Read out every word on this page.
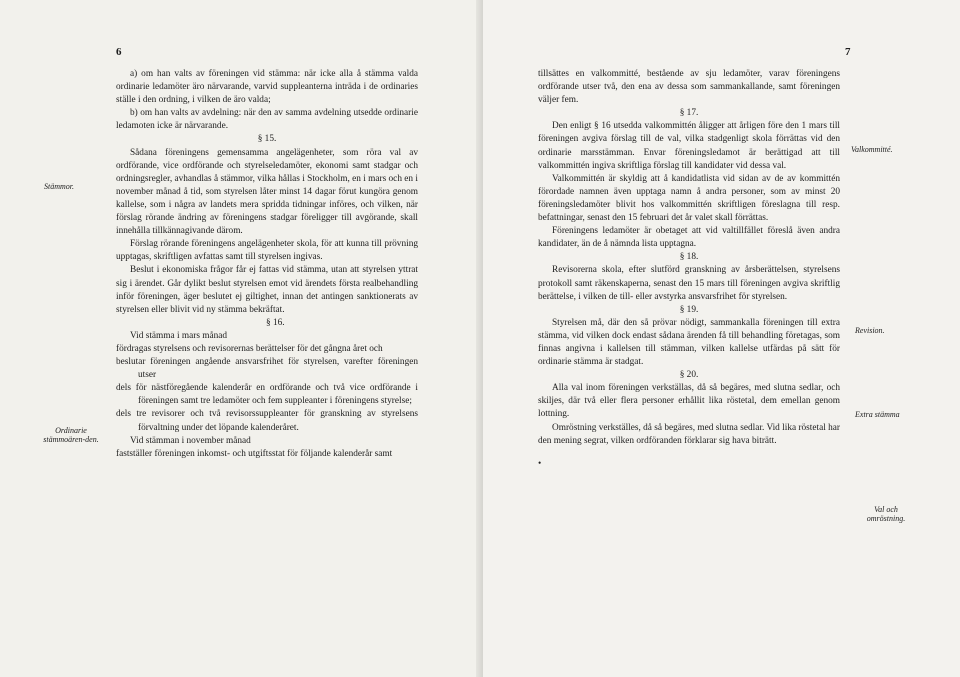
6

a) om han valts av föreningen vid stämma: när icke alla å stämma valda ordinarie ledamöter äro närvarande, varvid suppleanterna inträda i de ordinaries ställe i den ordning, i vilken de äro valda;

b) om han valts av avdelning: när den av samma avdelning utsedde ordinarie ledamoten icke är närvarande.

§ 15.

Sådana föreningens gemensamma angelägenheter, som röra val av ordförande, vice ordförande och styrelseledamöter, ekonomi samt stadgar och ordningsregler, avhandlas å stämmor, vilka hållas i Stockholm, en i mars och en i november månad å tid, som styrelsen låter minst 14 dagar förut kungöra genom kallelse, som i några av landets mera spridda tidningar införes, och vilken, när förslag rörande ändring av föreningens stadgar föreligger till avgörande, skall innehålla tillkännagivande därom.

Förslag rörande föreningens angelägenheter skola, för att kunna till prövning upptagas, skriftligen avfattas samt till styrelsen ingivas.

Beslut i ekonomiska frågor får ej fattas vid stämma, utan att styrelsen yttrat sig i ärendet. Går dylikt beslut styrelsen emot vid ärendets första realbehandling inför föreningen, äger beslutet ej giltighet, innan det antingen sanktionerats av styrelsen eller blivit vid ny stämma bekräftat.

§ 16.

Vid stämma i mars månad

fördragas styrelsens och revisorernas berättelser för det gångna året och

beslutar föreningen angående ansvarsfrihet för styrelsen, varefter föreningen utser

dels för nästföregående kalenderår en ordförande och två vice ordförande i föreningen samt tre ledamöter och fem suppleanter i föreningens styrelse;

dels tre revisorer och två revisorssuppleanter för granskning av styrelsens förvaltning under det löpande kalenderåret.

Vid stämman i november månad

fastställer föreningen inkomst- och utgiftsstat för följande kalenderår samt

Stämmor.
Ordinarie stämmoären-den.
7

tillsättes en valkommitté, bestående av sju ledamöter, varav föreningens ordförande utser två, den ena av dessa som sammankallande, samt föreningen väljer fem.

§ 17.

Den enligt § 16 utsedda valkommittén åligger att årligen före den 1 mars till föreningen avgiva förslag till de val, vilka stadgenligt skola förrättas vid den ordinarie marsstämman. Envar föreningsledamot är berättigad att till valkommittén ingiva skriftliga förslag till kandidater vid dessa val.

Valkommittén är skyldig att å kandidatlista vid sidan av de av kommittén förordade namnen även upptaga namn å andra personer, som av minst 20 föreningsledamöter blivit hos valkommittén skriftligen föreslagna till resp. befattningar, senast den 15 februari det år valet skall förrättas.

Föreningens ledamöter är obetaget att vid valtillfället föreslå även andra kandidater, än de å nämnda lista upptagna.

§ 18.

Revisorerna skola, efter slutförd granskning av årsberättelsen, styrelsens protokoll samt räkenskaperna, senast den 15 mars till föreningen avgiva skriftlig berättelse, i vilken de till- eller avstyrka ansvarsfrihet för styrelsen.

§ 19.

Styrelsen må, där den så prövar nödigt, sammankalla föreningen till extra stämma, vid vilken dock endast sådana ärenden få till behandling företagas, som finnas angivna i kallelsen till stämman, vilken kallelse utfärdas på sätt för ordinarie stämma är stadgat.

§ 20.

Alla val inom föreningen verkställas, då så begäres, med slutna sedlar, och skiljes, där två eller flera personer erhållit lika röstetal, dem emellan genom lottning.

Omröstning verkställes, då så begäres, med slutna sedlar. Vid lika röstetal har den mening segrat, vilken ordföranden förklarar sig hava biträtt.

•

Valkommitté.
Revision.
Extra stämma
Val och omröstning.
